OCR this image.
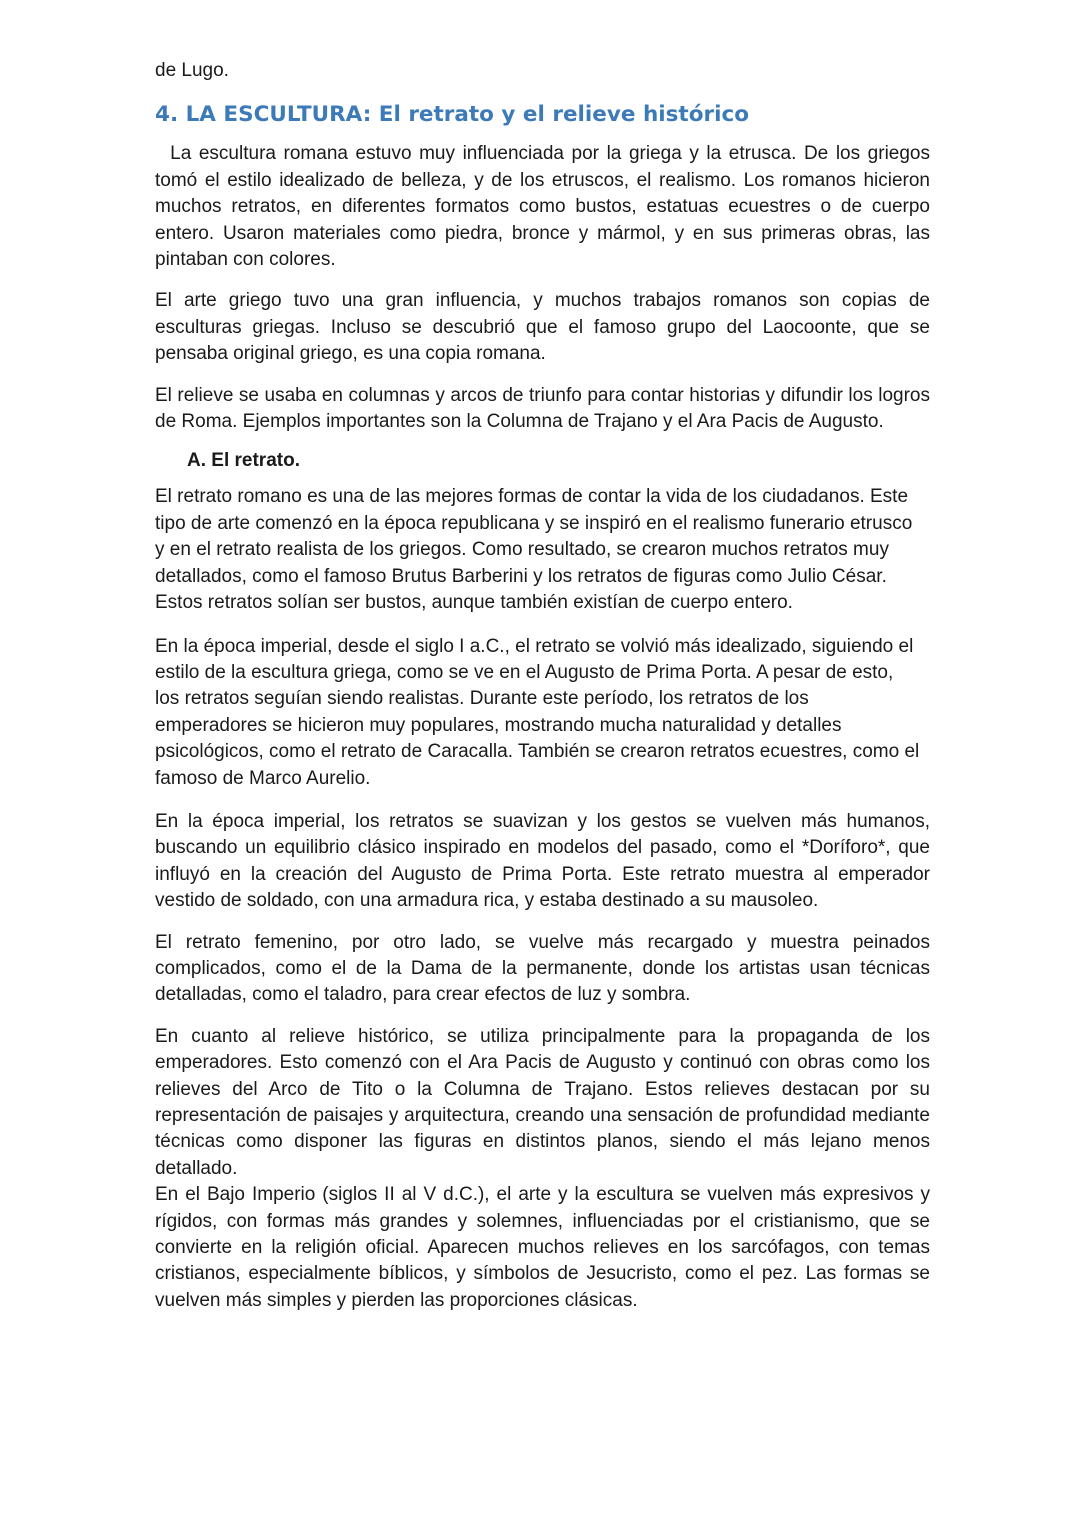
de Lugo.

4. LA ESCULTURA: El retrato y el relieve histórico

La escultura romana estuvo muy influenciada por la griega y la etrusca. De los griegos tomó el estilo idealizado de belleza, y de los etruscos, el realismo. Los romanos hicieron muchos retratos, en diferentes formatos como bustos, estatuas ecuestres o de cuerpo entero. Usaron materiales como piedra, bronce y mármol, y en sus primeras obras, las pintaban con colores.

El arte griego tuvo una gran influencia, y muchos trabajos romanos son copias de esculturas griegas. Incluso se descubrió que el famoso grupo del Laocoonte, que se pensaba original griego, es una copia romana.

El relieve se usaba en columnas y arcos de triunfo para contar historias y difundir los logros de Roma. Ejemplos importantes son la Columna de Trajano y el Ara Pacis de Augusto.

A. El retrato.

El retrato romano es una de las mejores formas de contar la vida de los ciudadanos. Este tipo de arte comenzó en la época republicana y se inspiró en el realismo funerario etrusco y en el retrato realista de los griegos. Como resultado, se crearon muchos retratos muy detallados, como el famoso Brutus Barberini y los retratos de figuras como Julio César. Estos retratos solían ser bustos, aunque también existían de cuerpo entero.

En la época imperial, desde el siglo I a.C., el retrato se volvió más idealizado, siguiendo el estilo de la escultura griega, como se ve en el Augusto de Prima Porta. A pesar de esto, los retratos seguían siendo realistas. Durante este período, los retratos de los emperadores se hicieron muy populares, mostrando mucha naturalidad y detalles psicológicos, como el retrato de Caracalla. También se crearon retratos ecuestres, como el famoso de Marco Aurelio.

En la época imperial, los retratos se suavizan y los gestos se vuelven más humanos, buscando un equilibrio clásico inspirado en modelos del pasado, como el *Doríforo*, que influyó en la creación del Augusto de Prima Porta. Este retrato muestra al emperador vestido de soldado, con una armadura rica, y estaba destinado a su mausoleo.

El retrato femenino, por otro lado, se vuelve más recargado y muestra peinados complicados, como el de la Dama de la permanente, donde los artistas usan técnicas detalladas, como el taladro, para crear efectos de luz y sombra.

En cuanto al relieve histórico, se utiliza principalmente para la propaganda de los emperadores. Esto comenzó con el Ara Pacis de Augusto y continuó con obras como los relieves del Arco de Tito o la Columna de Trajano. Estos relieves destacan por su representación de paisajes y arquitectura, creando una sensación de profundidad mediante técnicas como disponer las figuras en distintos planos, siendo el más lejano menos detallado.

En el Bajo Imperio (siglos II al V d.C.), el arte y la escultura se vuelven más expresivos y rígidos, con formas más grandes y solemnes, influenciadas por el cristianismo, que se convierte en la religión oficial. Aparecen muchos relieves en los sarcófagos, con temas cristianos, especialmente bíblicos, y símbolos de Jesucristo, como el pez. Las formas se vuelven más simples y pierden las proporciones clásicas.
